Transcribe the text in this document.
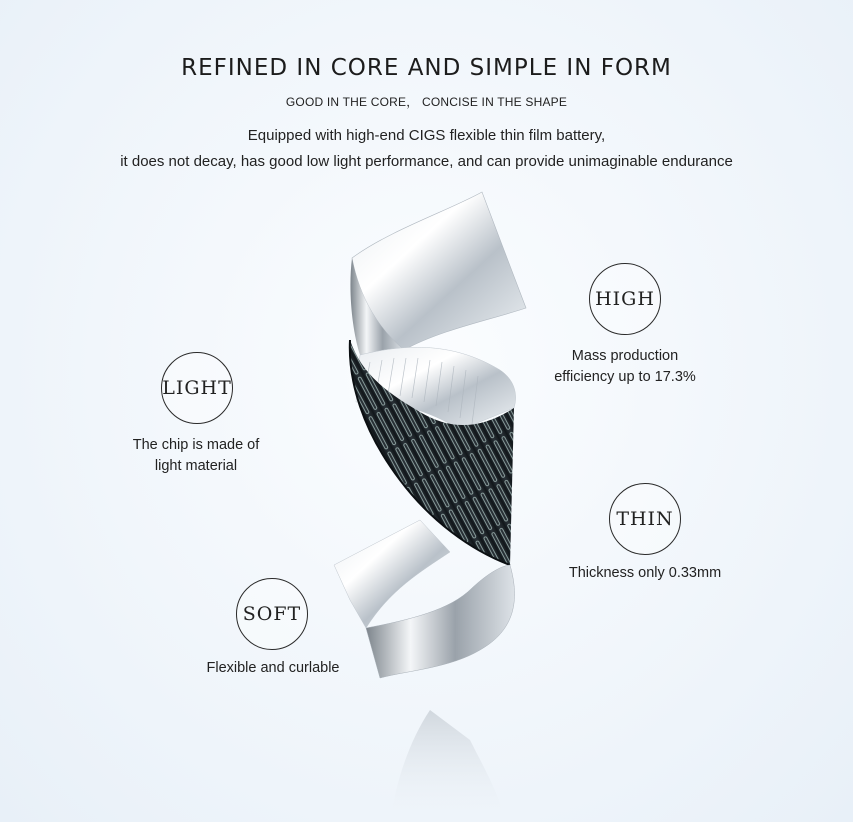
REFINED IN CORE AND SIMPLE IN FORM
GOOD IN THE CORE， CONCISE IN THE SHAPE
Equipped with high-end CIGS flexible thin film battery,
it does not decay, has good low light performance, and can provide unimaginable endurance
LIGHT
The chip is made of
light material
HIGH
Mass production
efficiency up to 17.3%
THIN
Thickness only 0.33mm
SOFT
Flexible and curlable
